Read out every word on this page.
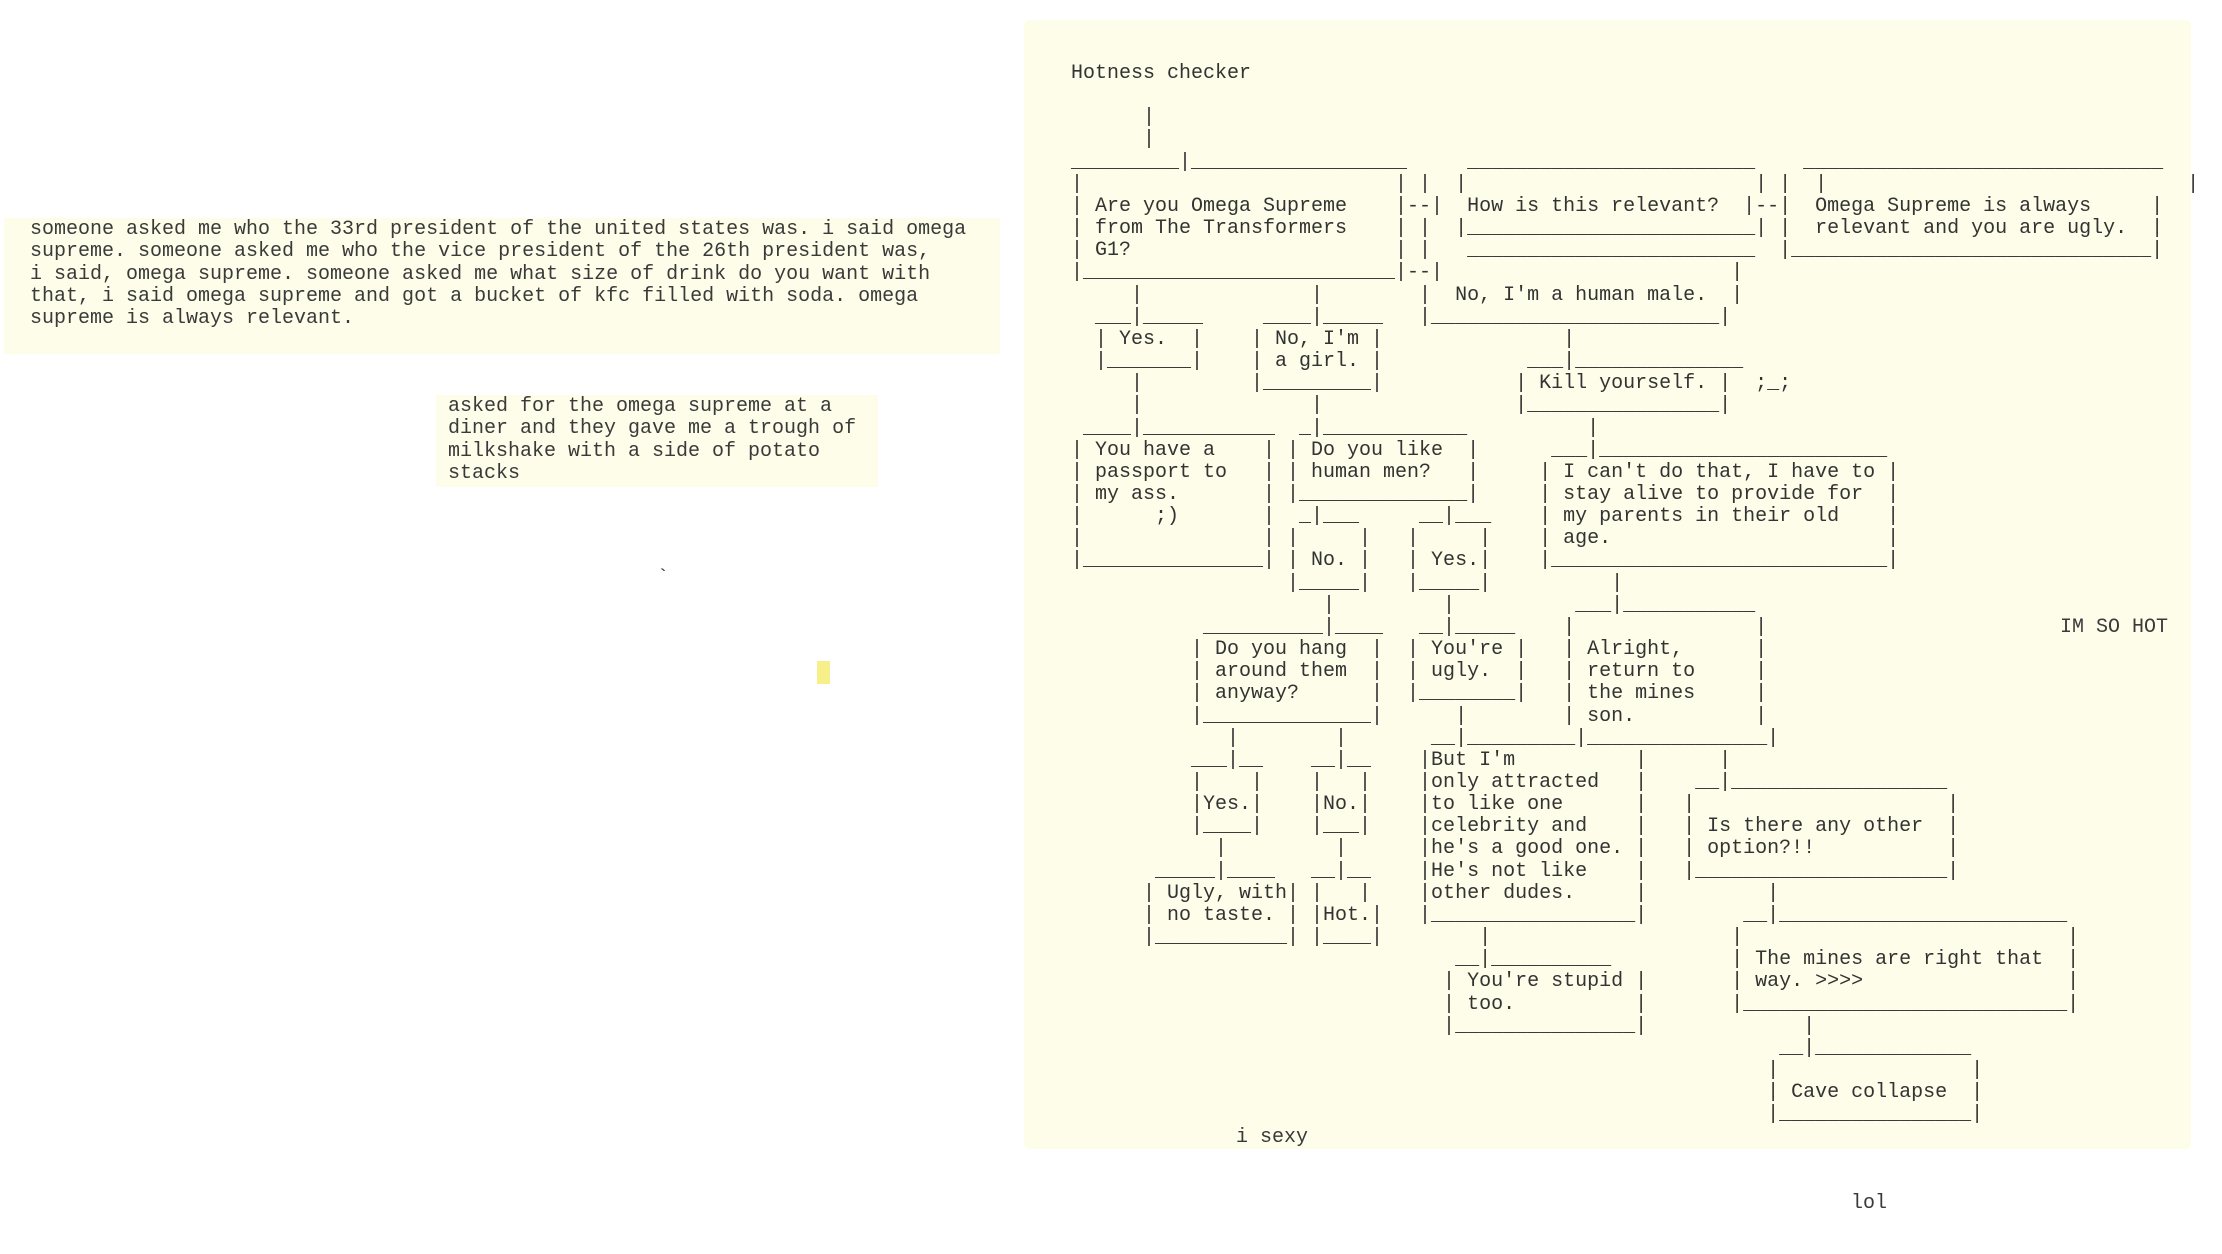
someone asked me who the 33rd president of the united states was. i said omega
supreme. someone asked me who the vice president of the 26th president was,
i said, omega supreme. someone asked me what size of drink do you want with
that, i said omega supreme and got a bucket of kfc filled with soda. omega
supreme is always relevant.
asked for the omega supreme at a
diner and they gave me a trough of
milkshake with a side of potato
stacks
`
Hotness checker

|
|
_________|__________________     ________________________    ______________________________
|                          | |  |                        | |  |                              |
| Are you Omega Supreme    |--|  How is this relevant?  |--|  Omega Supreme is always     |
| from The Transformers    | |  |________________________| |  relevant and you are ugly.  |
| G1?                      | |   ________________________  |______________________________|
|__________________________|--|                        |
|              |        |  No, I'm a human male.  |
___|_____     ____|_____   |________________________|
| Yes.  |    | No, I'm |               |
|_______|    | a girl. |            ___|______________
|         |_________|           | Kill yourself. |  ;_;
|              |                |________________|
____|___________  _|____________          |
| You have a    | | Do you like  |      ___|________________________
| passport to   | | human men?   |     | I can't do that, I have to |
| my ass.       | |______________|     | stay alive to provide for  |
|      ;)       |  _|___     __|___    | my parents in their old    |
|               | |     |   |     |    | age.                       |
|_______________| | No. |   | Yes.|    |____________________________|
|_____|   |_____|          |
|         |          ___|___________
__________|____   __|_____    |               |
| Do you hang  |  | You're |   | Alright,      |
| around them  |  | ugly.  |   | return to     |
| anyway?      |  |________|   | the mines     |
|______________|      |        | son.          |
|        |       __|_________|_______________|
___|__    __|__    |But I'm          |      |
|    |    |   |    |only attracted   |    __|__________________
|Yes.|    |No.|    |to like one      |   |                     |
|____|    |___|    |celebrity and    |   | Is there any other  |
|         |      |he's a good one. |   | option?!!           |
_____|____   __|__    |He's not like    |   |_____________________|
| Ugly, with| |   |    |other dudes.     |          |
| no taste. | |Hot.|   |_________________|        __|________________________
|___________| |____|        |                    |                           |
__|__________          | The mines are right that  |
| You're stupid |       | way. >>>>                 |
| too.          |       |___________________________|
|_______________|             |
__|_____________
|                |
| Cave collapse  |
|________________|
IM SO HOT
i sexy
lol
